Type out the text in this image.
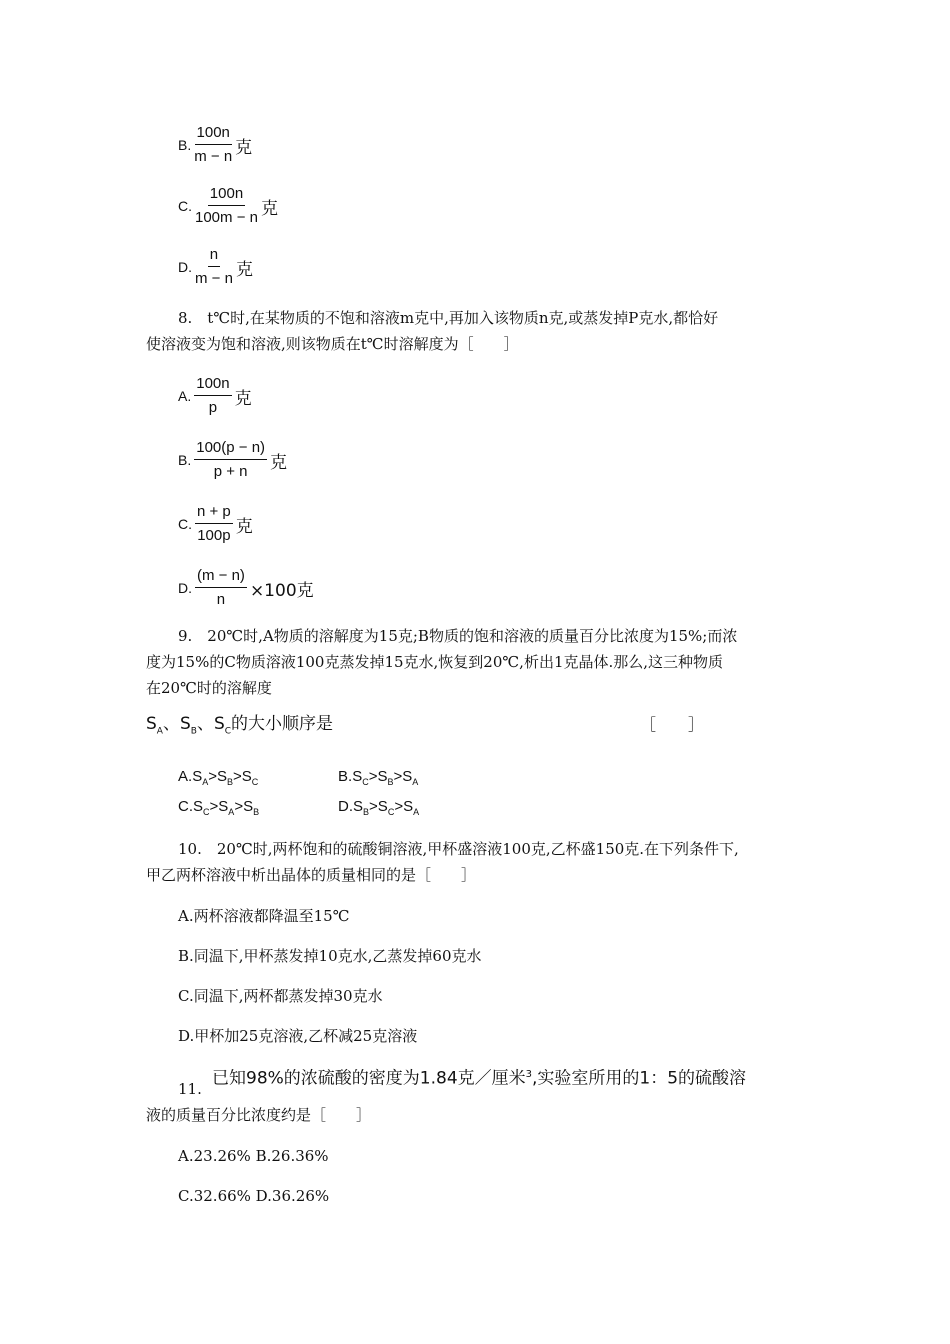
B. $\frac{100n}{m - n}$ 克
C. $\frac{100n}{100m - n}$ 克
D. $\frac{n}{m - n}$ 克
8.　t℃时,在某物质的不饱和溶液m克中,再加入该物质n克,或蒸发掉P克水,都恰好
使溶液变为饱和溶液,则该物质在t℃时溶解度为［　　］
A. $\frac{100n}{p}$ 克
B. $\frac{100(p - n)}{p + n}$ 克
C. $\frac{n + p}{100p}$ 克
D. $\frac{(m - n)}{n} \times 100$克
9.　20℃时,A物质的溶解度为15克;B物质的饱和溶液的质量百分比浓度为15%;而浓
度为15%的C物质溶液100克蒸发掉15克水,恢复到20℃,析出1克晶体.那么,这三种物质
在20℃时的溶解度
$S_A$、$S_B$、$S_C$的大小顺序是	［　　］
$A.S_A>S_B>S_C$	$B.S_C>S_B>S_A$
$C.S_C>S_A>S_B$	$D.S_B>S_C>S_A$
10.　20℃时,两杯饱和的硫酸铜溶液,甲杯盛溶液100克,乙杯盛150克.在下列条件下,
甲乙两杯溶液中析出晶体的质量相同的是［　　］
A.两杯溶液都降温至15℃
B.同温下,甲杯蒸发掉10克水,乙蒸发掉60克水
C.同温下,两杯都蒸发掉30克水
D.甲杯加25克溶液,乙杯减25克溶液
11.
已知98%的浓硫酸的密度为1.84克／厘米$^3$,实验室所用的1：5的硫酸溶
液的质量百分比浓度约是［　　］
A.23.26% B.26.36%
C.32.66% D.36.26%
